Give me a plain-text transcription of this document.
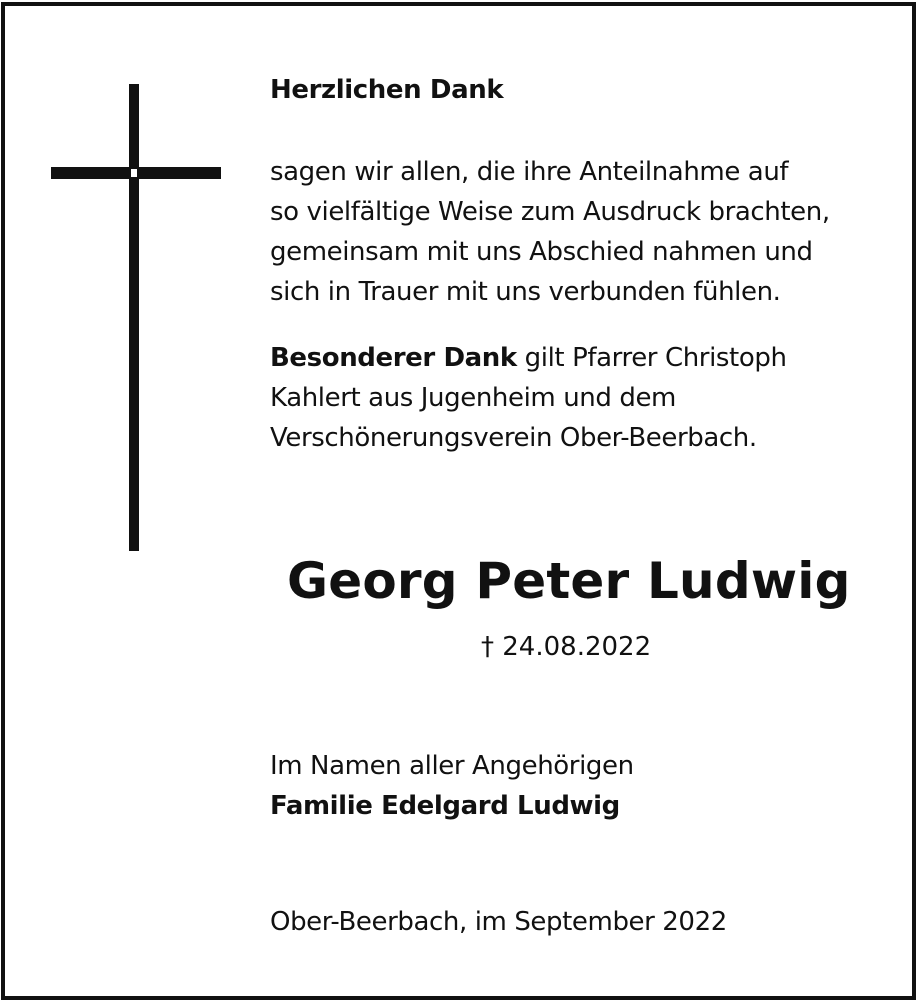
Herzlichen Dank
sagen wir allen, die ihre Anteilnahme auf
so vielfältige Weise zum Ausdruck brachten,
gemeinsam mit uns Abschied nahmen und
sich in Trauer mit uns verbunden fühlen.
Besonderer Dank gilt Pfarrer Christoph
Kahlert aus Jugenheim und dem
Verschönerungsverein Ober-Beerbach.
Georg Peter Ludwig
† 24.08.2022
Im Namen aller Angehörigen
Familie Edelgard Ludwig
Ober-Beerbach, im September 2022
